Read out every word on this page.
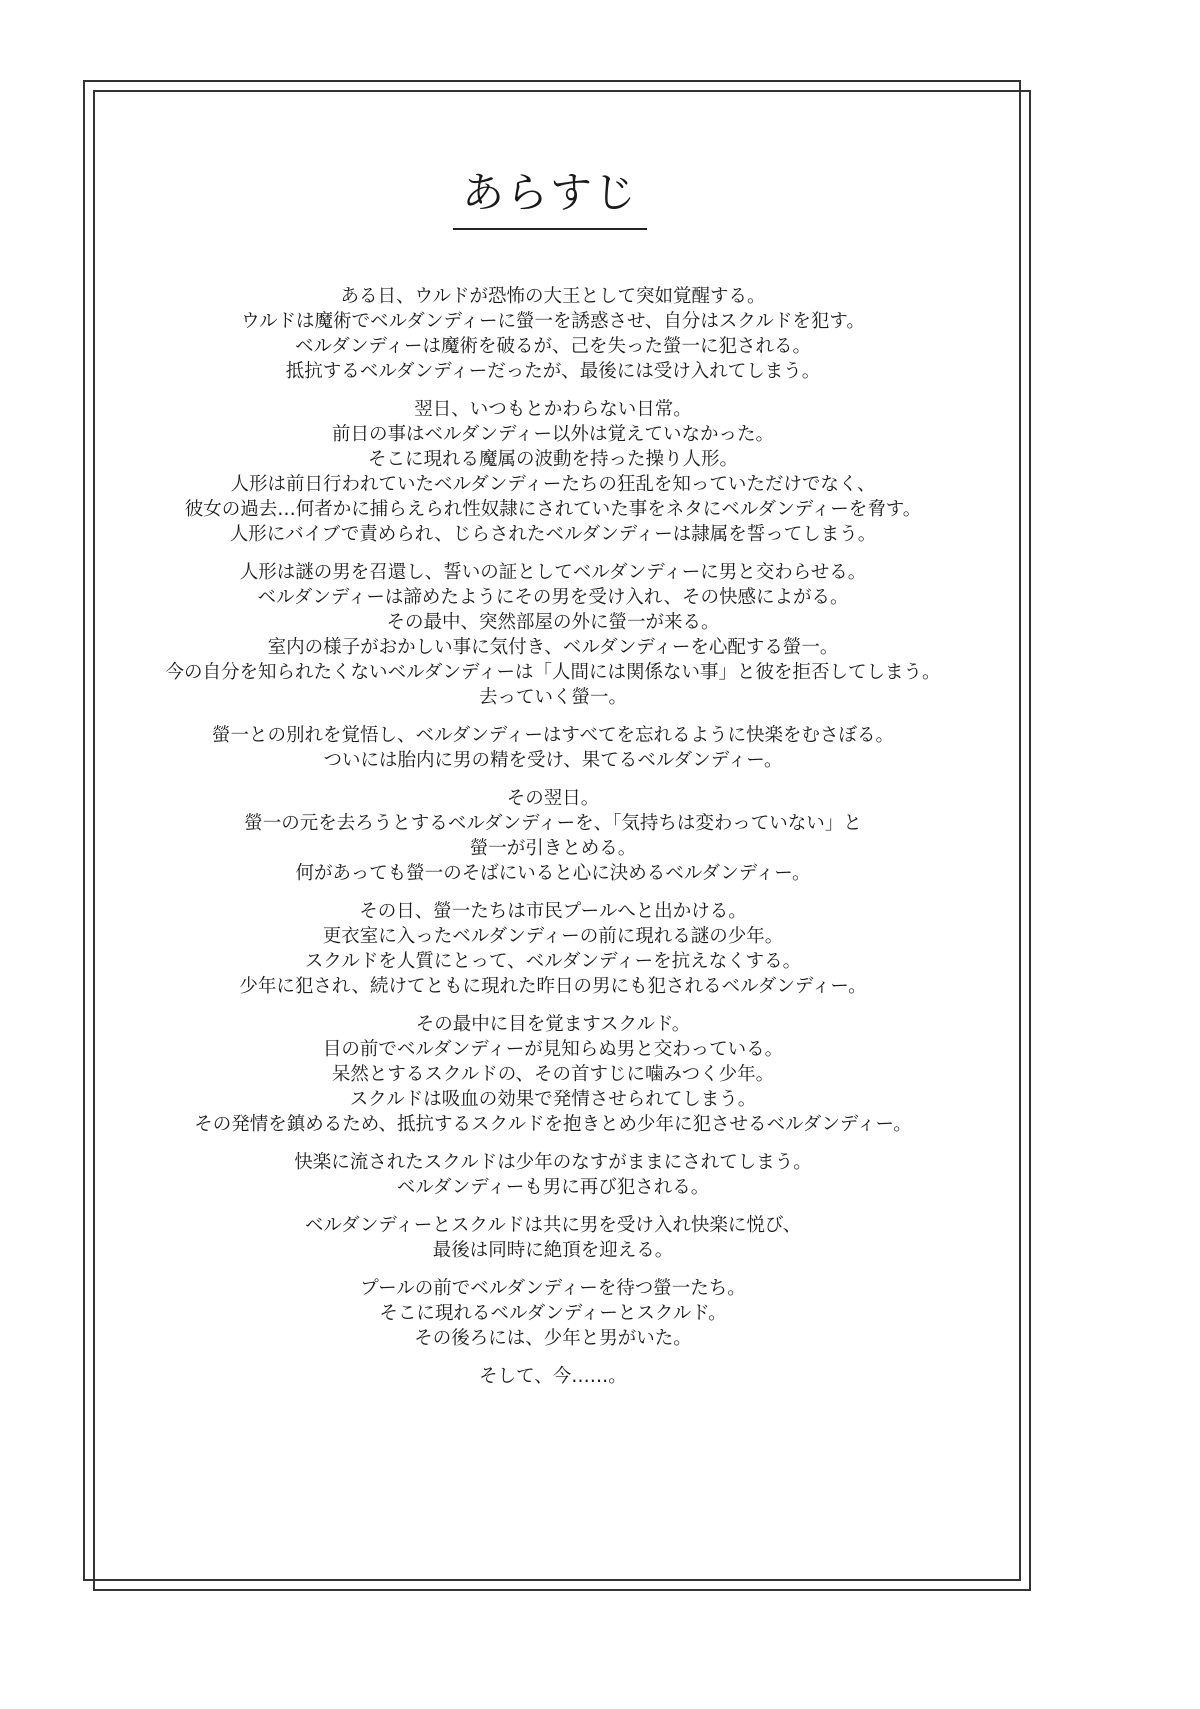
あらすじ
ある日、ウルドが恐怖の大王として突如覚醒する。
ウルドは魔術でベルダンディーに螢一を誘惑させ、自分はスクルドを犯す。
ベルダンディーは魔術を破るが、己を失った螢一に犯される。
抵抗するベルダンディーだったが、最後には受け入れてしまう。
翌日、いつもとかわらない日常。
前日の事はベルダンディー以外は覚えていなかった。
そこに現れる魔属の波動を持った操り人形。
人形は前日行われていたベルダンディーたちの狂乱を知っていただけでなく、
彼女の過去…何者かに捕らえられ性奴隷にされていた事をネタにベルダンディーを脅す。
人形にバイブで責められ、じらされたベルダンディーは隷属を誓ってしまう。
人形は謎の男を召還し、誓いの証としてベルダンディーに男と交わらせる。
ベルダンディーは諦めたようにその男を受け入れ、その快感によがる。
その最中、突然部屋の外に螢一が来る。
室内の様子がおかしい事に気付き、ベルダンディーを心配する螢一。
今の自分を知られたくないベルダンディーは「人間には関係ない事」と彼を拒否してしまう。
去っていく螢一。
螢一との別れを覚悟し、ベルダンディーはすべてを忘れるように快楽をむさぼる。
ついには胎内に男の精を受け、果てるベルダンディー。
その翌日。
螢一の元を去ろうとするベルダンディーを、「気持ちは変わっていない」と
螢一が引きとめる。
何があっても螢一のそばにいると心に決めるベルダンディー。
その日、螢一たちは市民プールへと出かける。
更衣室に入ったベルダンディーの前に現れる謎の少年。
スクルドを人質にとって、ベルダンディーを抗えなくする。
少年に犯され、続けてともに現れた昨日の男にも犯されるベルダンディー。
その最中に目を覚ますスクルド。
目の前でベルダンディーが見知らぬ男と交わっている。
呆然とするスクルドの、その首すじに噛みつく少年。
スクルドは吸血の効果で発情させられてしまう。
その発情を鎮めるため、抵抗するスクルドを抱きとめ少年に犯させるベルダンディー。
快楽に流されたスクルドは少年のなすがままにされてしまう。
ベルダンディーも男に再び犯される。
ベルダンディーとスクルドは共に男を受け入れ快楽に悦び、
最後は同時に絶頂を迎える。
プールの前でベルダンディーを待つ螢一たち。
そこに現れるベルダンディーとスクルド。
その後ろには、少年と男がいた。
そして、今……。
